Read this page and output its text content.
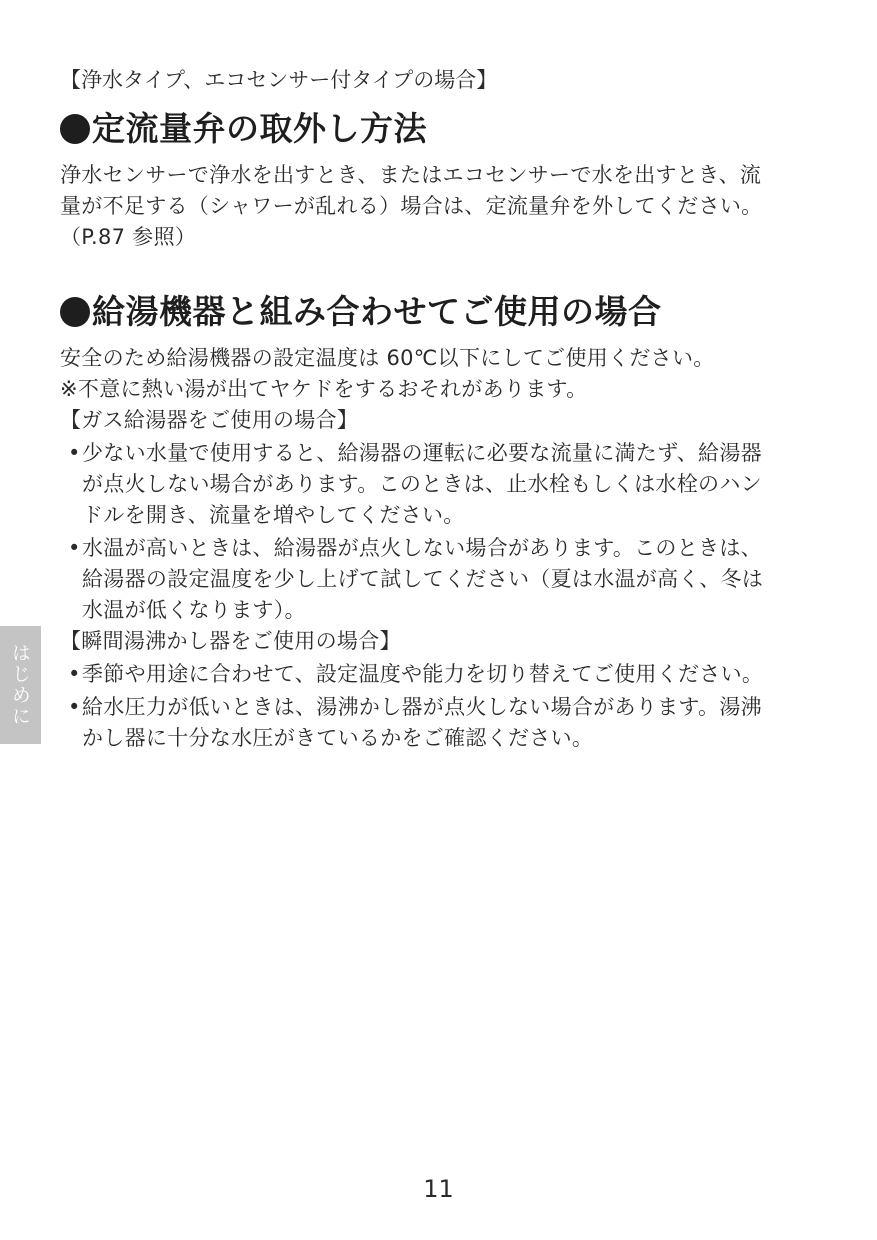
【浄水タイプ、エコセンサー付タイプの場合】

定流量弁の取外し方法

浄水センサーで浄水を出すとき、またはエコセンサーで水を出すとき、流
量が不足する（シャワーが乱れる）場合は、定流量弁を外してください。
（P.87 参照）

給湯機器と組み合わせてご使用の場合
安全のため給湯機器の設定温度は 60℃以下にしてご使用ください。
※不意に熱い湯が出てヤケドをするおそれがあります。
【ガス給湯器をご使用の場合】
• 少ない水量で使用すると、給湯器の運転に必要な流量に満たず、給湯器
が点火しない場合があります。このときは、止水栓もしくは水栓のハン
ドルを開き、流量を増やしてください。
• 水温が高いときは、給湯器が点火しない場合があります。このときは、
給湯器の設定温度を少し上げて試してください（夏は水温が高く、冬は
水温が低くなります）。
【瞬間湯沸かし器をご使用の場合】
• 季節や用途に合わせて、設定温度や能力を切り替えてご使用ください。
• 給水圧力が低いときは、湯沸かし器が点火しない場合があります。湯沸
かし器に十分な水圧がきているかをご確認ください。
はじめに
11
